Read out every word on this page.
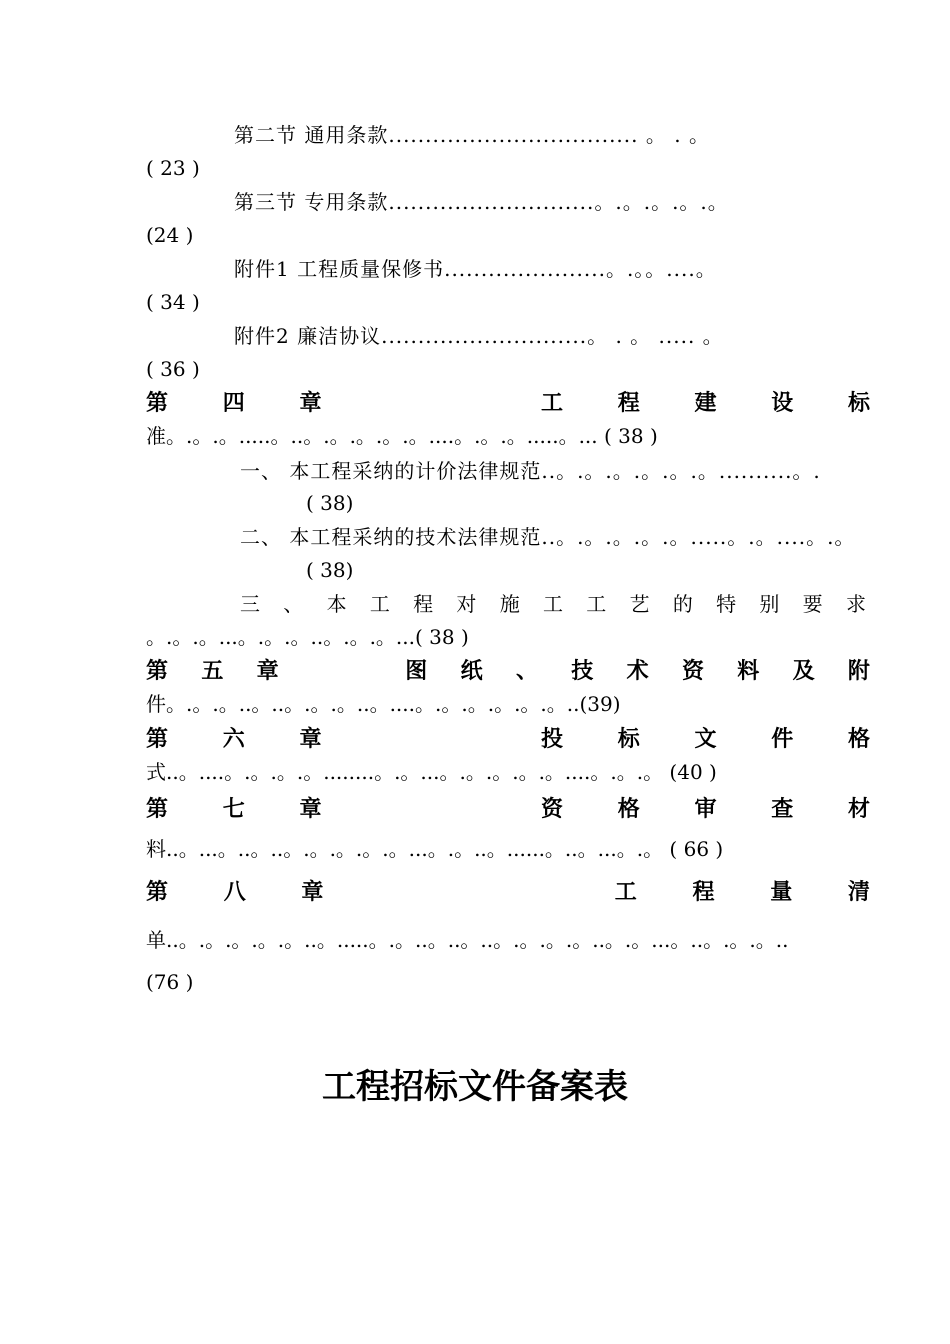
第二节 通用条款.................................. 。 . 。
( 23 )
第三节 专用条款............................。.。.。.。.。
(24 )
附件1 工程质量保修书......................。.。。....。
( 34 )
附件2 廉洁协议............................。 . 。 ..... 。
( 36 )
第 四 章	工 程 建 设 标
准。.。.。.....。..。.。.。.。.。....。.。.。.....。... ( 38 )
一、 本工程采纳的计价法律规范..。.。.。.。.。.。..........。.
( 38)
二、 本工程采纳的技术法律规范..。.。.。.。.。.....。.。....。.。
( 38)
三 、 本 工 程 对 施 工 工 艺 的 特 别 要 求
。.。.。...。.。.。..。.。.。...( 38 )
第 五 章	图 纸 、 技 术 资 料 及 附
件。.。.。..。..。.。.。..。....。.。.。.。.。.。..(39)
第 六 章	投 标 文 件 格
式..。....。.。.。.。........。.。...。.。.。.。.。....。.。.。 (40 )
第 七 章	资 格 审 查 材
料..。...。..。..。.。.。.。.。...。.。..。......。..。...。.。 ( 66 )
第	八	章	工	程	量	清
单..。.。.。.。.。..。.....。.。..。..。..。.。.。.。..。.。...。..。.。.。..
(76 )
工程招标文件备案表
